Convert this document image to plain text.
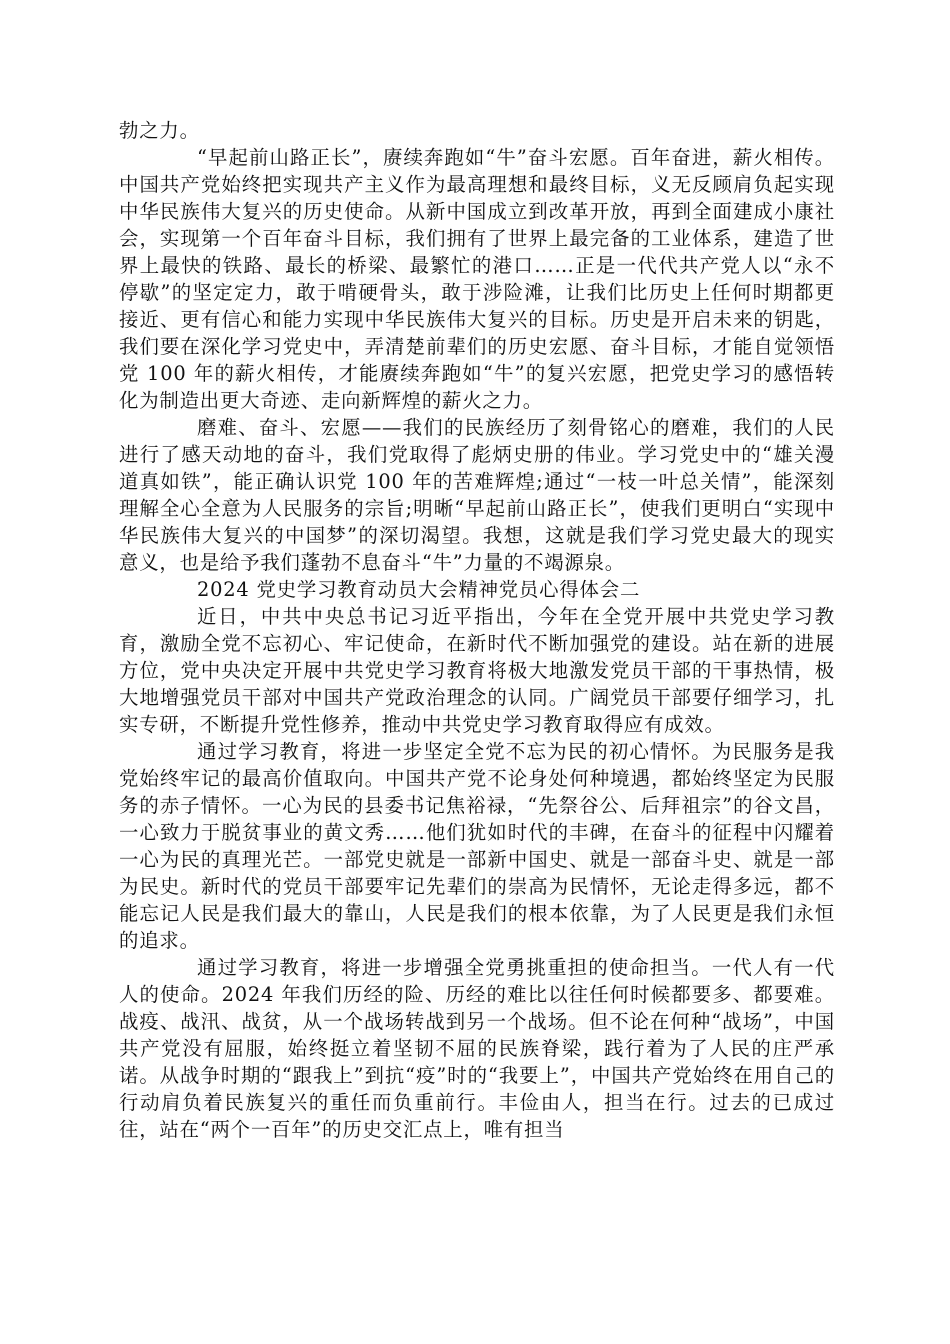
勃之力。

“早起前山路正长”，赓续奔跑如“牛”奋斗宏愿。百年奋进，薪火相传。中国共产党始终把实现共产主义作为最高理想和最终目标，义无反顾肩负起实现中华民族伟大复兴的历史使命。从新中国成立到改革开放，再到全面建成小康社会，实现第一个百年奋斗目标，我们拥有了世界上最完备的工业体系，建造了世界上最快的铁路、最长的桥梁、最繁忙的港口……正是一代代共产党人以“永不停歇”的坚定定力，敢于啃硬骨头，敢于涉险滩，让我们比历史上任何时期都更接近、更有信心和能力实现中华民族伟大复兴的目标。历史是开启未来的钥匙，我们要在深化学习党史中，弄清楚前辈们的历史宏愿、奋斗目标，才能自觉领悟党 100 年的薪火相传，才能赓续奔跑如“牛”的复兴宏愿，把党史学习的感悟转化为制造出更大奇迹、走向新辉煌的薪火之力。

磨难、奋斗、宏愿——我们的民族经历了刻骨铭心的磨难，我们的人民进行了感天动地的奋斗，我们党取得了彪炳史册的伟业。学习党史中的“雄关漫道真如铁”，能正确认识党 100 年的苦难辉煌;通过“一枝一叶总关情”，能深刻理解全心全意为人民服务的宗旨;明晰“早起前山路正长”，使我们更明白“实现中华民族伟大复兴的中国梦”的深切渴望。我想，这就是我们学习党史最大的现实意义，也是给予我们蓬勃不息奋斗“牛”力量的不竭源泉。

2024 党史学习教育动员大会精神党员心得体会二

近日，中共中央总书记习近平指出，今年在全党开展中共党史学习教育，激励全党不忘初心、牢记使命，在新时代不断加强党的建设。站在新的进展方位，党中央决定开展中共党史学习教育将极大地激发党员干部的干事热情，极大地增强党员干部对中国共产党政治理念的认同。广阔党员干部要仔细学习，扎实专研，不断提升党性修养，推动中共党史学习教育取得应有成效。

通过学习教育，将进一步坚定全党不忘为民的初心情怀。为民服务是我党始终牢记的最高价值取向。中国共产党不论身处何种境遇，都始终坚定为民服务的赤子情怀。一心为民的县委书记焦裕禄，“先祭谷公、后拜祖宗”的谷文昌，一心致力于脱贫事业的黄文秀……他们犹如时代的丰碑，在奋斗的征程中闪耀着一心为民的真理光芒。一部党史就是一部新中国史、就是一部奋斗史、就是一部为民史。新时代的党员干部要牢记先辈们的崇高为民情怀，无论走得多远，都不能忘记人民是我们最大的靠山，人民是我们的根本依靠，为了人民更是我们永恒的追求。

通过学习教育，将进一步增强全党勇挑重担的使命担当。一代人有一代人的使命。2024 年我们历经的险、历经的难比以往任何时候都要多、都要难。战疫、战汛、战贫，从一个战场转战到另一个战场。但不论在何种“战场”，中国共产党没有屈服，始终挺立着坚韧不屈的民族脊梁，践行着为了人民的庄严承诺。从战争时期的“跟我上”到抗“疫”时的“我要上”，中国共产党始终在用自己的行动肩负着民族复兴的重任而负重前行。丰俭由人，担当在行。过去的已成过往，站在“两个一百年”的历史交汇点上，唯有担当
